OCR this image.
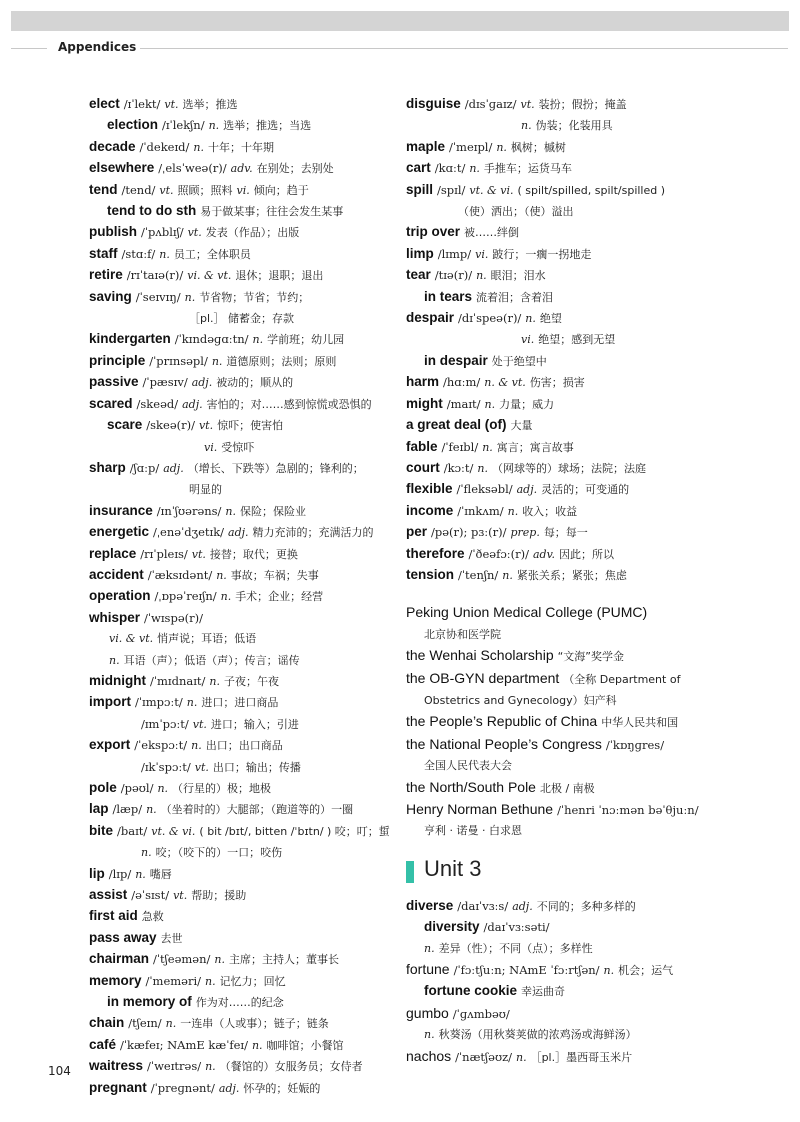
Appendices
elect /ɪˈlekt/ vt. 选举；推选
election /ɪˈlekʃn/ n. 选举；推选；当选
decade /ˈdekeɪd/ n. 十年；十年期
elsewhere /ˌelsˈweə(r)/ adv. 在别处；去别处
tend /tend/ vt. 照顾；照料 vi. 倾向；趋于
tend to do sth 易于做某事；往往会发生某事
publish /ˈpʌblɪʃ/ vt. 发表（作品）；出版
staff /stɑːf/ n. 员工；全体职员
retire /rɪˈtaɪə(r)/ vi. & vt. 退休；退职；退出
saving /ˈseɪvɪŋ/ n. 节省物；节省；节约；
［pl.］ 储蓄金；存款
kindergarten /ˈkɪndəɡɑːtn/ n. 学前班；幼儿园
principle /ˈprɪnsəpl/ n. 道德原则；法则；原则
passive /ˈpæsɪv/ adj. 被动的；顺从的
scared /skeəd/ adj. 害怕的；对……感到惊慌或恐惧的
scare /skeə(r)/ vt. 惊吓；使害怕
vi. 受惊吓
sharp /ʃɑːp/ adj. （增长、下跌等）急剧的；锋利的；
明显的
insurance /ɪnˈʃʊərəns/ n. 保险；保险业
energetic /ˌenəˈdʒetɪk/ adj. 精力充沛的；充满活力的
replace /rɪˈpleɪs/ vt. 接替；取代；更换
accident /ˈæksɪdənt/ n. 事故；车祸；失事
operation /ˌɒpəˈreɪʃn/ n. 手术；企业；经营
whisper /ˈwɪspə(r)/
vi. & vt. 悄声说；耳语；低语
n. 耳语（声）；低语（声）；传言；谣传
midnight /ˈmɪdnaɪt/ n. 子夜；午夜
import /ˈɪmpɔːt/ n. 进口；进口商品
/ɪmˈpɔːt/ vt. 进口；输入；引进
export /ˈekspɔːt/ n. 出口；出口商品
/ɪkˈspɔːt/ vt. 出口；输出；传播
pole /pəʊl/ n. （行星的）极；地极
lap /læp/ n. （坐着时的）大腿部；（跑道等的）一圈
bite /baɪt/ vt. & vi. ( bit /bɪt/, bitten /ˈbɪtn/ ) 咬；叮；蜇
n. 咬；（咬下的）一口；咬伤
lip /lɪp/ n. 嘴唇
assist /əˈsɪst/ vt. 帮助；援助
first aid 急救
pass away 去世
chairman /ˈtʃeəmən/ n. 主席；主持人；董事长
memory /ˈmeməri/ n. 记忆力；回忆
in memory of 作为对……的纪念
chain /tʃeɪn/ n. 一连串（人或事）；链子；链条
café /ˈkæfeɪ; NAmE kæˈfeɪ/ n. 咖啡馆；小餐馆
waitress /ˈweɪtrəs/ n. （餐馆的）女服务员；女侍者
pregnant /ˈpreɡnənt/ adj. 怀孕的；妊娠的
disguise /dɪsˈɡaɪz/ vt. 装扮；假扮；掩盖
n. 伪装；化装用具
maple /ˈmeɪpl/ n. 枫树；槭树
cart /kɑːt/ n. 手推车；运货马车
spill /spɪl/ vt. & vi. ( spilt/spilled, spilt/spilled )
（使）洒出；（使）溢出
trip over 被……绊倒
limp /lɪmp/ vi. 跛行；一瘸一拐地走
tear /tɪə(r)/ n. 眼泪；泪水
in tears 流着泪；含着泪
despair /dɪˈspeə(r)/ n. 绝望
vi. 绝望；感到无望
in despair 处于绝望中
harm /hɑːm/ n. & vt. 伤害；损害
might /maɪt/ n. 力量；威力
a great deal (of) 大量
fable /ˈfeɪbl/ n. 寓言；寓言故事
court /kɔːt/ n. （网球等的）球场；法院；法庭
flexible /ˈfleksəbl/ adj. 灵活的；可变通的
income /ˈɪnkʌm/ n. 收入；收益
per /pə(r); pɜː(r)/ prep. 每；每一
therefore /ˈðeəfɔː(r)/ adv. 因此；所以
tension /ˈtenʃn/ n. 紧张关系；紧张；焦虑
Peking Union Medical College (PUMC)
北京协和医学院
the Wenhai Scholarship “文海”奖学金
the OB-GYN department （全称 Department of
Obstetrics and Gynecology）妇产科
the People’s Republic of China 中华人民共和国
the National People’s Congress /ˈkɒŋɡres/
全国人民代表大会
the North/South Pole 北极 / 南极
Henry Norman Bethune /ˈhenri ˈnɔːmən bəˈθjuːn/
亨利 · 诺曼 · 白求恩
Unit 3
diverse /daɪˈvɜːs/ adj. 不同的；多种多样的
diversity /daɪˈvɜːsəti/
n. 差异（性）；不同（点）；多样性
fortune /ˈfɔːtʃuːn; NAmE ˈfɔːrtʃən/ n. 机会；运气
fortune cookie 幸运曲奇
gumbo /ˈɡʌmbəʊ/
n. 秋葵汤（用秋葵荚做的浓鸡汤或海鲜汤）
nachos /ˈnætʃəʊz/ n. ［pl.］墨西哥玉米片
104
